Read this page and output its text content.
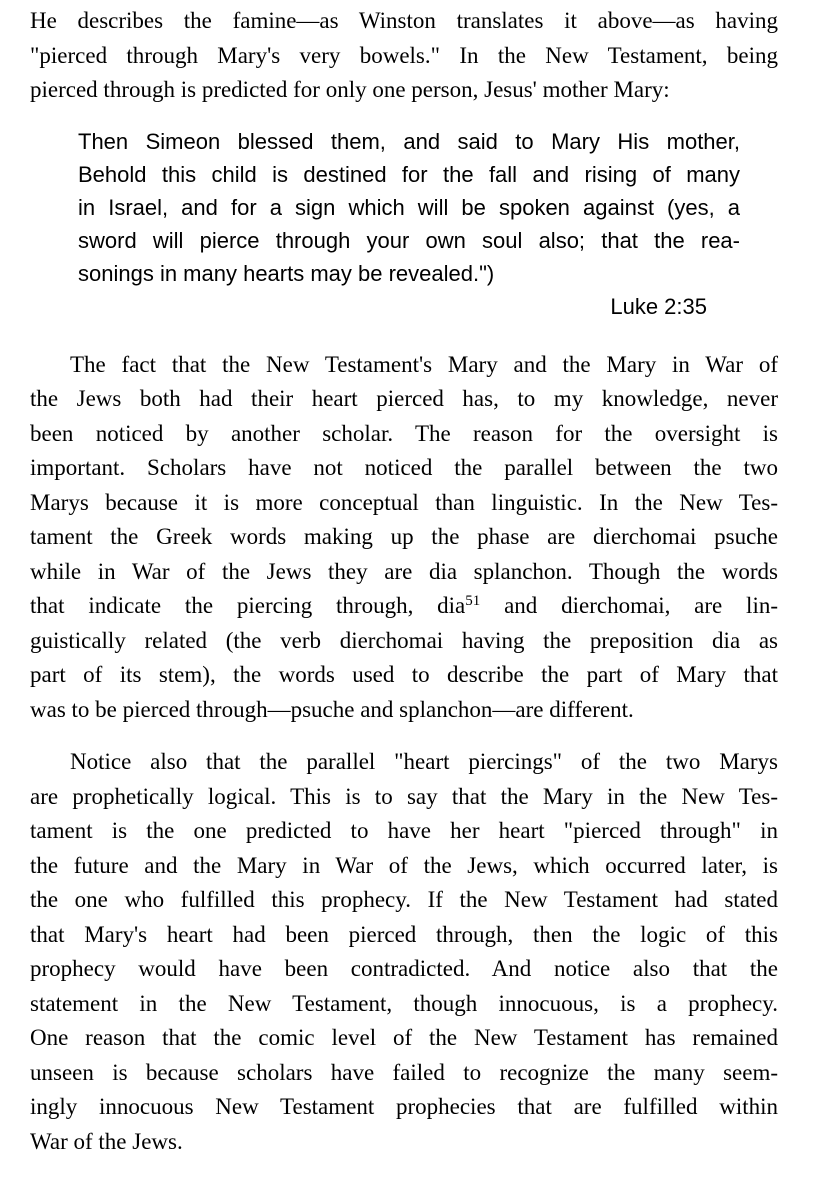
He describes the famine—as Winston translates it above—as having
"pierced through Mary's very bowels." In the New Testament, being
pierced through is predicted for only one person, Jesus' mother Mary:
Then Simeon blessed them, and said to Mary His mother,
Behold this child is destined for the fall and rising of many
in Israel, and for a sign which will be spoken against (yes, a
sword will pierce through your own soul also; that the rea-
sonings in many hearts may be revealed.")
Luke 2:35
The fact that the New Testament's Mary and the Mary in War of
the Jews both had their heart pierced has, to my knowledge, never
been noticed by another scholar. The reason for the oversight is
important. Scholars have not noticed the parallel between the two
Marys because it is more conceptual than linguistic. In the New Tes-
tament the Greek words making up the phase are dierchomai psuche
while in War of the Jews they are dia splanchon. Though the words
that indicate the piercing through, dia$^{51}$ and dierchomai, are lin-
guistically related (the verb dierchomai having the preposition dia as
part of its stem), the words used to describe the part of Mary that
was to be pierced through—psuche and splanchon—are different.
Notice also that the parallel "heart piercings" of the two Marys
are prophetically logical. This is to say that the Mary in the New Tes-
tament is the one predicted to have her heart "pierced through" in
the future and the Mary in War of the Jews, which occurred later, is
the one who fulfilled this prophecy. If the New Testament had stated
that Mary's heart had been pierced through, then the logic of this
prophecy would have been contradicted. And notice also that the
statement in the New Testament, though innocuous, is a prophecy.
One reason that the comic level of the New Testament has remained
unseen is because scholars have failed to recognize the many seem-
ingly innocuous New Testament prophecies that are fulfilled within
War of the Jews.
